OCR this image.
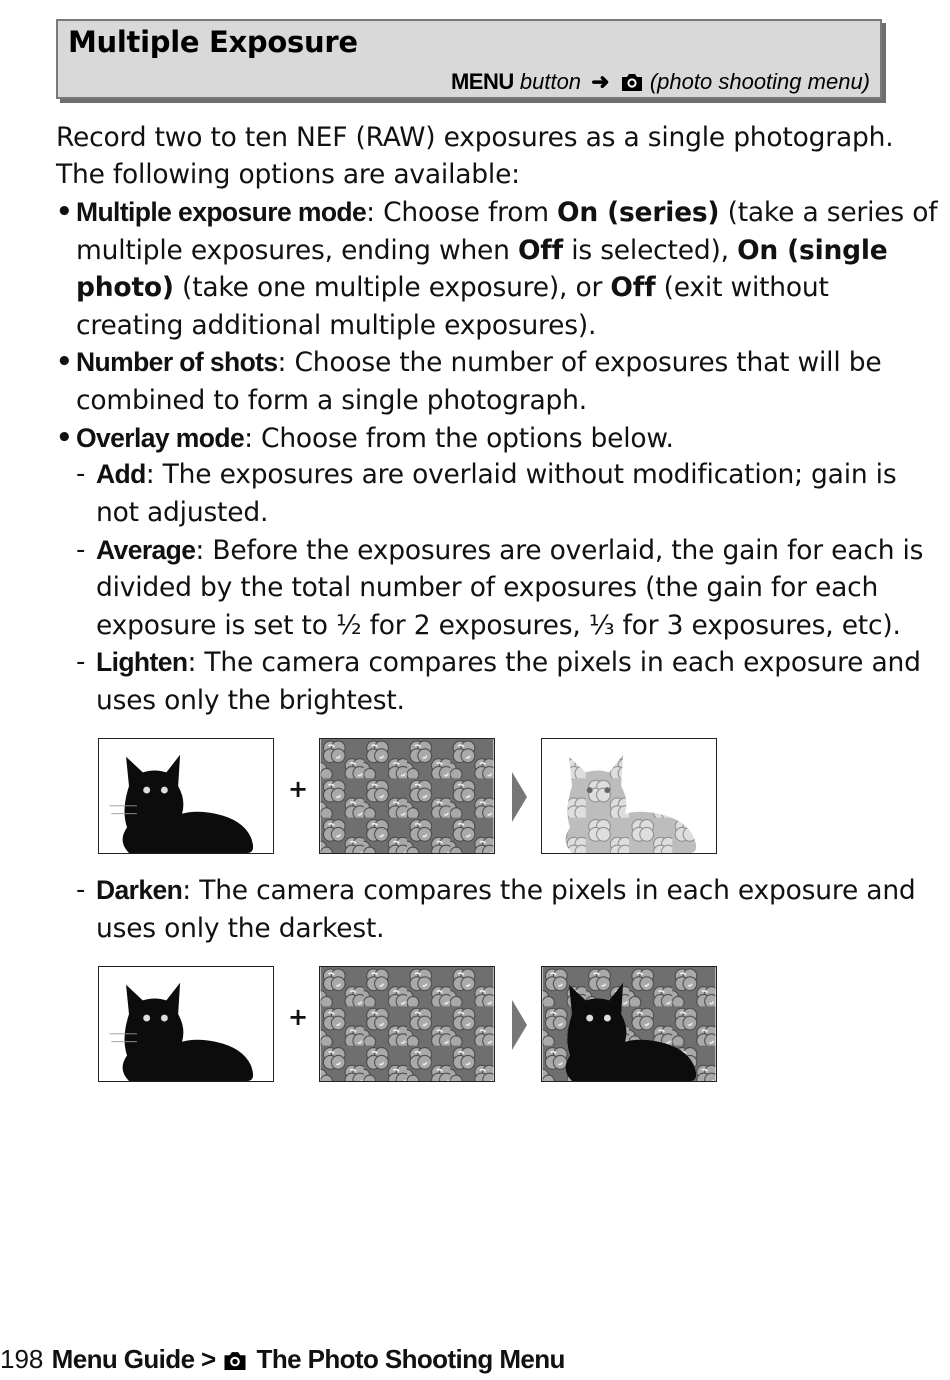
Multiple Exposure
MENU button ➜ (photo shooting menu)
Record two to ten NEF (RAW) exposures as a single photograph.
The following options are available:
• Multiple exposure mode: Choose from On (series) (take a series of
multiple exposures, ending when Off is selected), On (single
photo) (take one multiple exposure), or Off (exit without
creating additional multiple exposures).
• Number of shots: Choose the number of exposures that will be
combined to form a single photograph.
• Overlay mode: Choose from the options below.
- Add: The exposures are overlaid without modification; gain is
not adjusted.
- Average: Before the exposures are overlaid, the gain for each is
divided by the total number of exposures (the gain for each
exposure is set to ½ for 2 exposures, ⅓ for 3 exposures, etc).
- Lighten: The camera compares the pixels in each exposure and
uses only the brightest.
+
- Darken: The camera compares the pixels in each exposure and
uses only the darkest.
+
198 Menu Guide >  The Photo Shooting Menu
